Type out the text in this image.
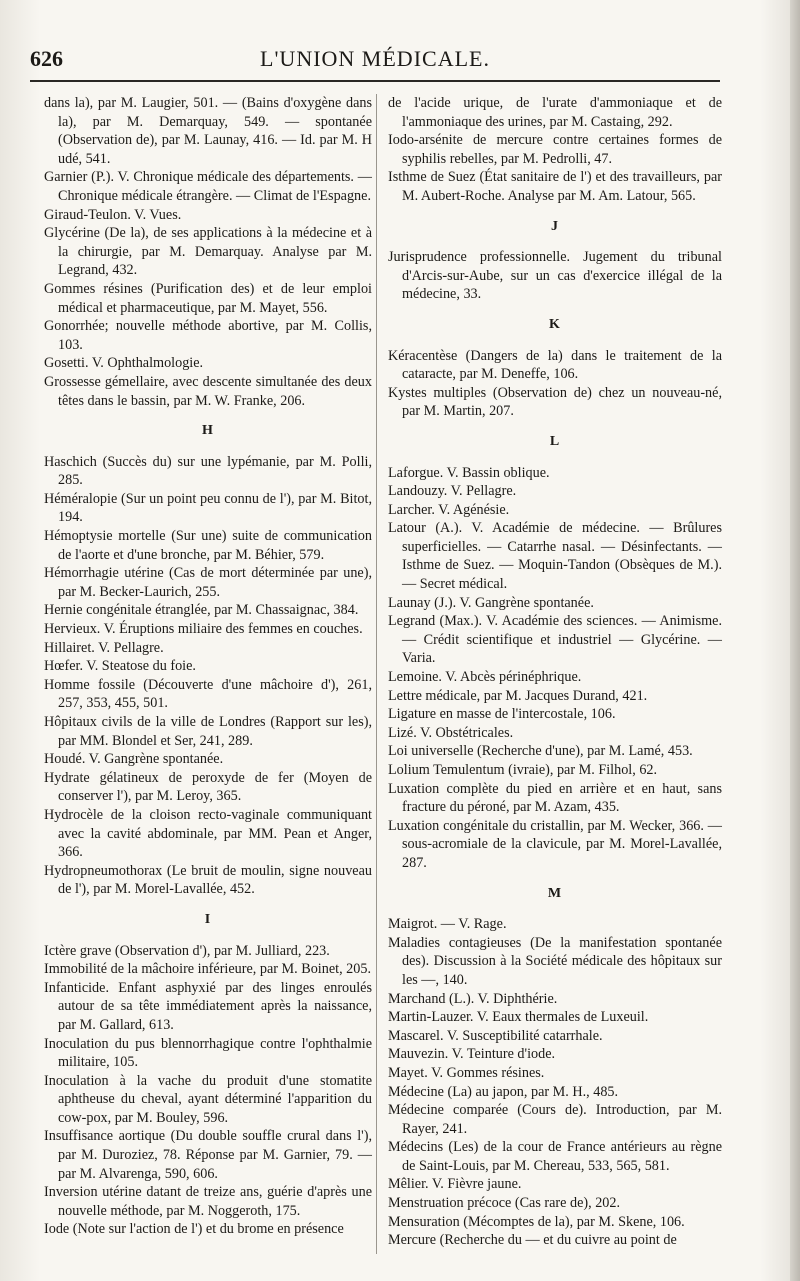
626	L'UNION MÉDICALE.
dans la), par M. Laugier, 501. — (Bains d'oxygène dans la), par M. Demarquay, 549. — spontanée (Observation de), par M. Launay, 416. — Id. par M. H udé, 541.
Garnier (P.). V. Chronique médicale des départements. — Chronique médicale étrangère. — Climat de l'Espagne.
Giraud-Teulon. V. Vues.
Glycérine (De la), de ses applications à la médecine et à la chirurgie, par M. Demarquay. Analyse par M. Legrand, 432.
Gommes résines (Purification des) et de leur emploi médical et pharmaceutique, par M. Mayet, 556.
Gonorrhée; nouvelle méthode abortive, par M. Collis, 103.
Gosetti. V. Ophthalmologie.
Grossesse gémellaire, avec descente simultanée des deux têtes dans le bassin, par M. W. Franke, 206.
H
Haschich (Succès du) sur une lypémanie, par M. Polli, 285.
Héméralopie (Sur un point peu connu de l'), par M. Bitot, 194.
Hémoptysie mortelle (Sur une) suite de communication de l'aorte et d'une bronche, par M. Béhier, 579.
Hémorrhagie utérine (Cas de mort déterminée par une), par M. Becker-Laurich, 255.
Hernie congénitale étranglée, par M. Chassaignac, 384.
Hervieux. V. Éruptions miliaire des femmes en couches.
Hillairet. V. Pellagre.
Hœfer. V. Steatose du foie.
Homme fossile (Découverte d'une mâchoire d'), 261, 257, 353, 455, 501.
Hôpitaux civils de la ville de Londres (Rapport sur les), par MM. Blondel et Ser, 241, 289.
Houdé. V. Gangrène spontanée.
Hydrate gélatineux de peroxyde de fer (Moyen de conserver l'), par M. Leroy, 365.
Hydrocèle de la cloison recto-vaginale communiquant avec la cavité abdominale, par MM. Pean et Anger, 366.
Hydropneumothorax (Le bruit de moulin, signe nouveau de l'), par M. Morel-Lavallée, 452.
I
Ictère grave (Observation d'), par M. Julliard, 223.
Immobilité de la mâchoire inférieure, par M. Boinet, 205.
Infanticide. Enfant asphyxié par des linges enroulés autour de sa tête immédiatement après la naissance, par M. Gallard, 613.
Inoculation du pus blennorrhagique contre l'ophthalmie militaire, 105.
Inoculation à la vache du produit d'une stomatite aphtheuse du cheval, ayant déterminé l'apparition du cow-pox, par M. Bouley, 596.
Insuffisance aortique (Du double souffle crural dans l'), par M. Duroziez, 78. Réponse par M. Garnier, 79. — par M. Alvarenga, 590, 606.
Inversion utérine datant de treize ans, guérie d'après une nouvelle méthode, par M. Noggeroth, 175.
Iode (Note sur l'action de l') et du brome en présence
de l'acide urique, de l'urate d'ammoniaque et de l'ammoniaque des urines, par M. Castaing, 292.
Iodo-arsénite de mercure contre certaines formes de syphilis rebelles, par M. Pedrolli, 47.
Isthme de Suez (État sanitaire de l') et des travailleurs, par M. Aubert-Roche. Analyse par M. Am. Latour, 565.
J
Jurisprudence professionnelle. Jugement du tribunal d'Arcis-sur-Aube, sur un cas d'exercice illégal de la médecine, 33.
K
Kéracentèse (Dangers de la) dans le traitement de la cataracte, par M. Deneffe, 106.
Kystes multiples (Observation de) chez un nouveau-né, par M. Martin, 207.
L
Laforgue. V. Bassin oblique.
Landouzy. V. Pellagre.
Larcher. V. Agénésie.
Latour (A.). V. Académie de médecine. — Brûlures superficielles. — Catarrhe nasal. — Désinfectants. — Isthme de Suez. — Moquin-Tandon (Obsèques de M.). — Secret médical.
Launay (J.). V. Gangrène spontanée.
Legrand (Max.). V. Académie des sciences. — Animisme. — Crédit scientifique et industriel — Glycérine. — Varia.
Lemoine. V. Abcès périnéphrique.
Lettre médicale, par M. Jacques Durand, 421.
Ligature en masse de l'intercostale, 106.
Lizé. V. Obstétricales.
Loi universelle (Recherche d'une), par M. Lamé, 453.
Lolium Temulentum (ivraie), par M. Filhol, 62.
Luxation complète du pied en arrière et en haut, sans fracture du péroné, par M. Azam, 435.
Luxation congénitale du cristallin, par M. Wecker, 366. — sous-acromiale de la clavicule, par M. Morel-Lavallée, 287.
M
Maigrot. — V. Rage.
Maladies contagieuses (De la manifestation spontanée des). Discussion à la Société médicale des hôpitaux sur les —, 140.
Marchand (L.). V. Diphthérie.
Martin-Lauzer. V. Eaux thermales de Luxeuil.
Mascarel. V. Susceptibilité catarrhale.
Mauvezin. V. Teinture d'iode.
Mayet. V. Gommes résines.
Médecine (La) au japon, par M. H., 485.
Médecine comparée (Cours de). Introduction, par M. Rayer, 241.
Médecins (Les) de la cour de France antérieurs au règne de Saint-Louis, par M. Chereau, 533, 565, 581.
Mêlier. V. Fièvre jaune.
Menstruation précoce (Cas rare de), 202.
Mensuration (Mécomptes de la), par M. Skene, 106.
Mercure (Recherche du — et du cuivre au point de
